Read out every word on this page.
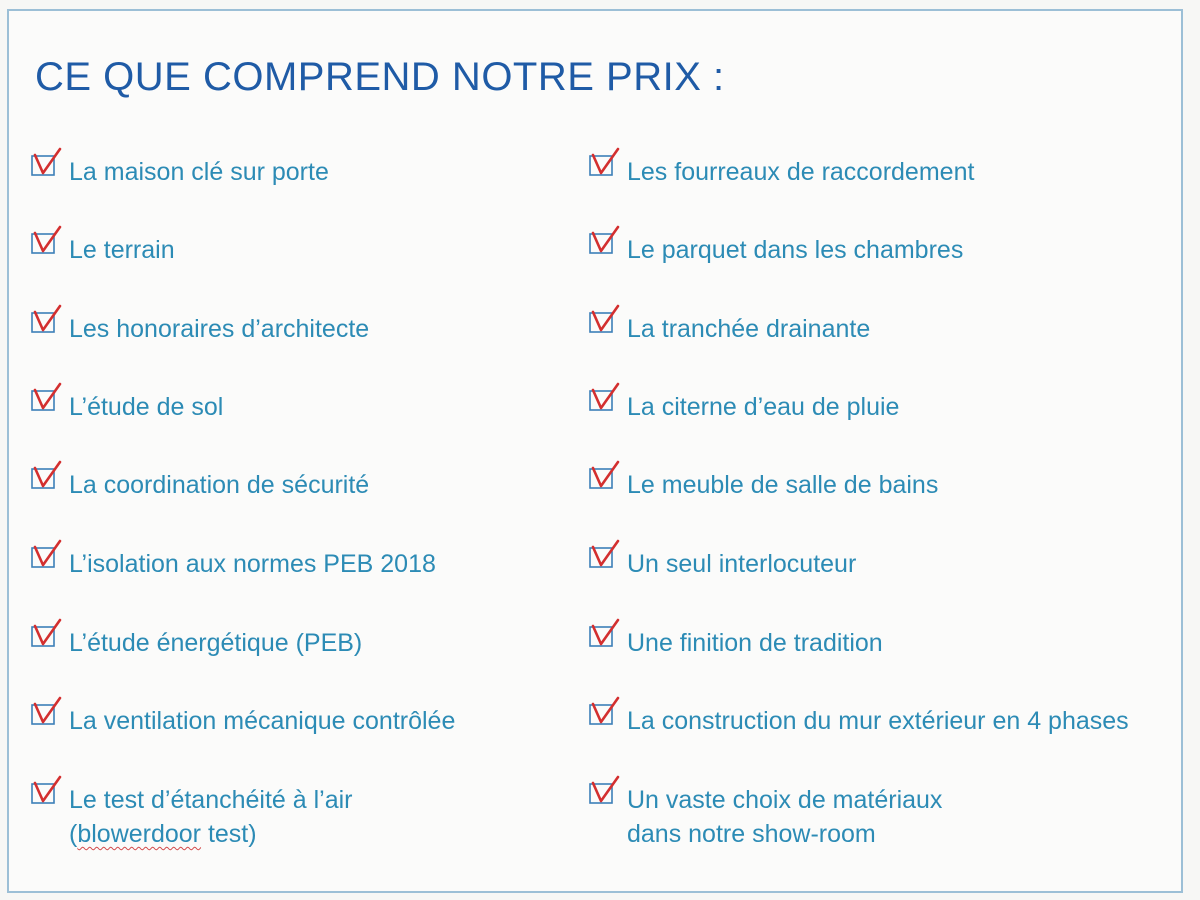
CE QUE COMPREND NOTRE PRIX :
La maison clé sur porte
Le terrain
Les honoraires d’architecte
L’étude de sol
La coordination de sécurité
L’isolation aux normes PEB 2018
L’étude énergétique (PEB)
La ventilation mécanique contrôlée
Le test d’étanchéité à l’air
(blowerdoor test)
Les fourreaux de raccordement
Le parquet dans les chambres
La tranchée drainante
La citerne d’eau de pluie
Le meuble de salle de bains
Un seul interlocuteur
Une finition de tradition
La construction du mur extérieur en 4 phases
Un vaste choix de matériaux
dans notre show-room
